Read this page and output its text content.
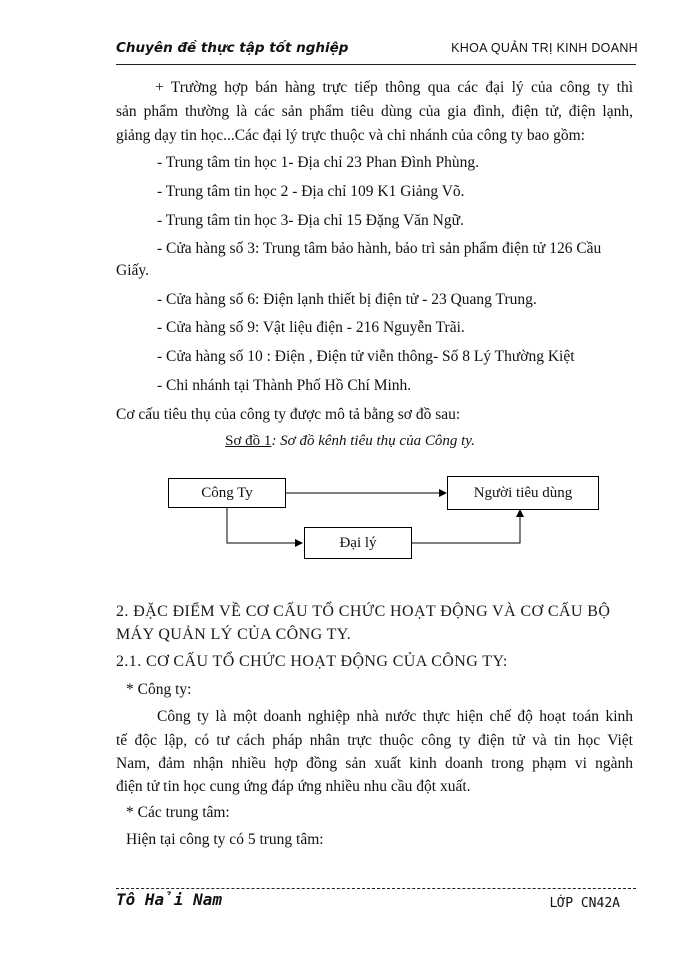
Chuyên đề thực tập tốt nghiệp	KHOA QUẢN TRỊ KINH DOANH
+ Trường hợp bán hàng trực tiếp thông qua các đại lý của công ty thì
sản phẩm thường là các sản phẩm tiêu dùng của gia đình, điện tử, điện lạnh,
giảng dạy tin học...Các đại lý trực thuộc và chi nhánh của công ty bao gồm:
- Trung tâm tin học 1- Địa chỉ 23 Phan Đình Phùng.
- Trung tâm tin học 2 - Địa chỉ 109 K1 Giảng Võ.
- Trung tâm tin học 3- Địa chỉ 15 Đặng Văn Ngữ.
- Cửa hàng số 3: Trung tâm bảo hành, bảo trì sản phẩm điện tử 126 Cầu
Giấy.
- Cửa hàng số 6: Điện lạnh thiết bị điện tử - 23 Quang Trung.
- Cửa hàng số 9: Vật liệu điện - 216 Nguyễn Trãi.
- Cửa hàng số 10 : Điện , Điện tử viễn thông- Số 8 Lý Thường Kiệt
- Chi nhánh tại Thành Phố Hồ Chí Minh.
Cơ cấu tiêu thụ của công ty được mô tả bằng sơ đồ sau:
Sơ đồ 1: Sơ đồ kênh tiêu thụ của Công ty.
Công Ty	Người tiêu dùng
Đại lý
2. ĐẶC ĐIỂM VỀ CƠ CẤU TỔ CHỨC HOẠT ĐỘNG VÀ CƠ CẤU BỘ
MÁY QUẢN LÝ CỦA CÔNG TY.
2.1. CƠ CẤU TỔ CHỨC HOẠT ĐỘNG CỦA CÔNG TY:
* Công ty:
Công ty là một doanh nghiệp nhà nước thực hiện chế độ hoạt toán kinh
tế độc lập, có tư cách pháp nhân trực thuộc công ty điện tử và tin học Việt
Nam, đảm nhận nhiều hợp đồng sản xuất kinh doanh trong phạm vi ngành
điện tử tin học cung ứng đáp ứng nhiều nhu cầu đột xuất.
* Các trung tâm:
Hiện tại công ty có 5 trung tâm:
Tô Hải Nam	LỚP CN42A
